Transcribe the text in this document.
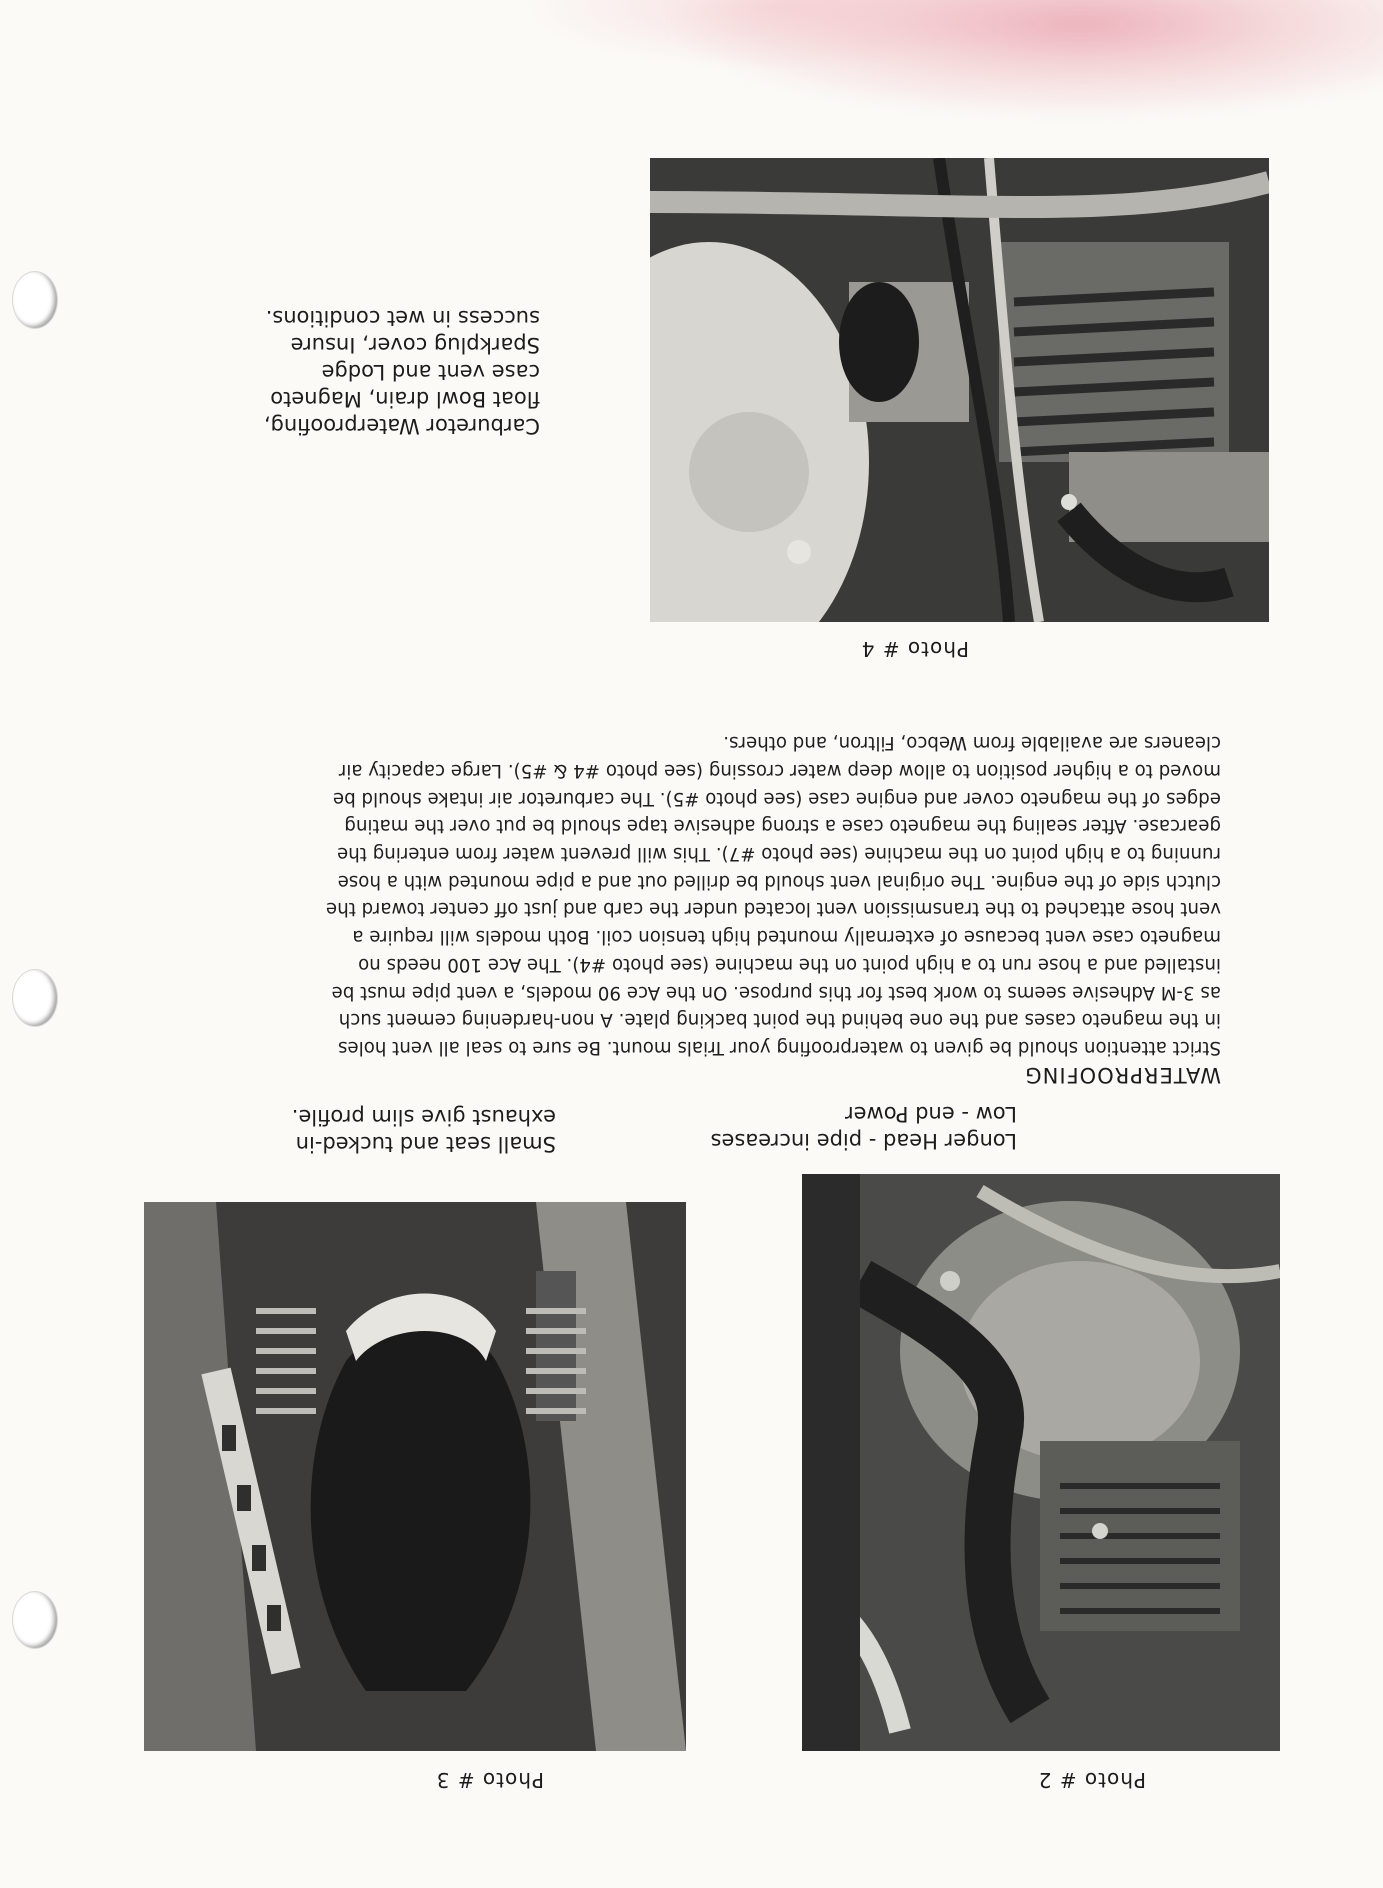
Photo # 2
Longer Head - pipe increases
Low - end Power
Photo # 3
Small seat and tucked-in
exhaust give slim profile.
WATERPROOFING
Strict attention should be given to waterproofing your Trials mount. Be sure to seal all vent holes
in the magneto cases and the one behind the point backing plate. A non-hardening cement such
as 3-M Adhesive seems to work best for this purpose. On the Ace 90 models, a vent pipe must be
installed and a hose run to a high point on the machine (see photo #4). The Ace 100 needs no
magneto case vent because of externally mounted high tension coil. Both models will require a
vent hose attached to the transmission vent located under the carb and just off center toward the
clutch side of the engine. The original vent should be drilled out and a pipe mounted with a hose
running to a high point on the machine (see photo #7). This will prevent water from entering the
gearcase. After sealing the magneto case a strong adhesive tape should be put over the mating
edges of the magneto cover and engine case (see photo #5). The carburetor air intake should be
moved to a higher position to allow deep water crossing (see photo #4 & #5). Large capacity air
cleaners are available from Webco, Filtron, and others.
Photo # 4
Carburetor Waterproofing,
float Bowl drain, Magneto
case vent and Lodge
Sparkplug cover, Insure
success in wet conditions.
